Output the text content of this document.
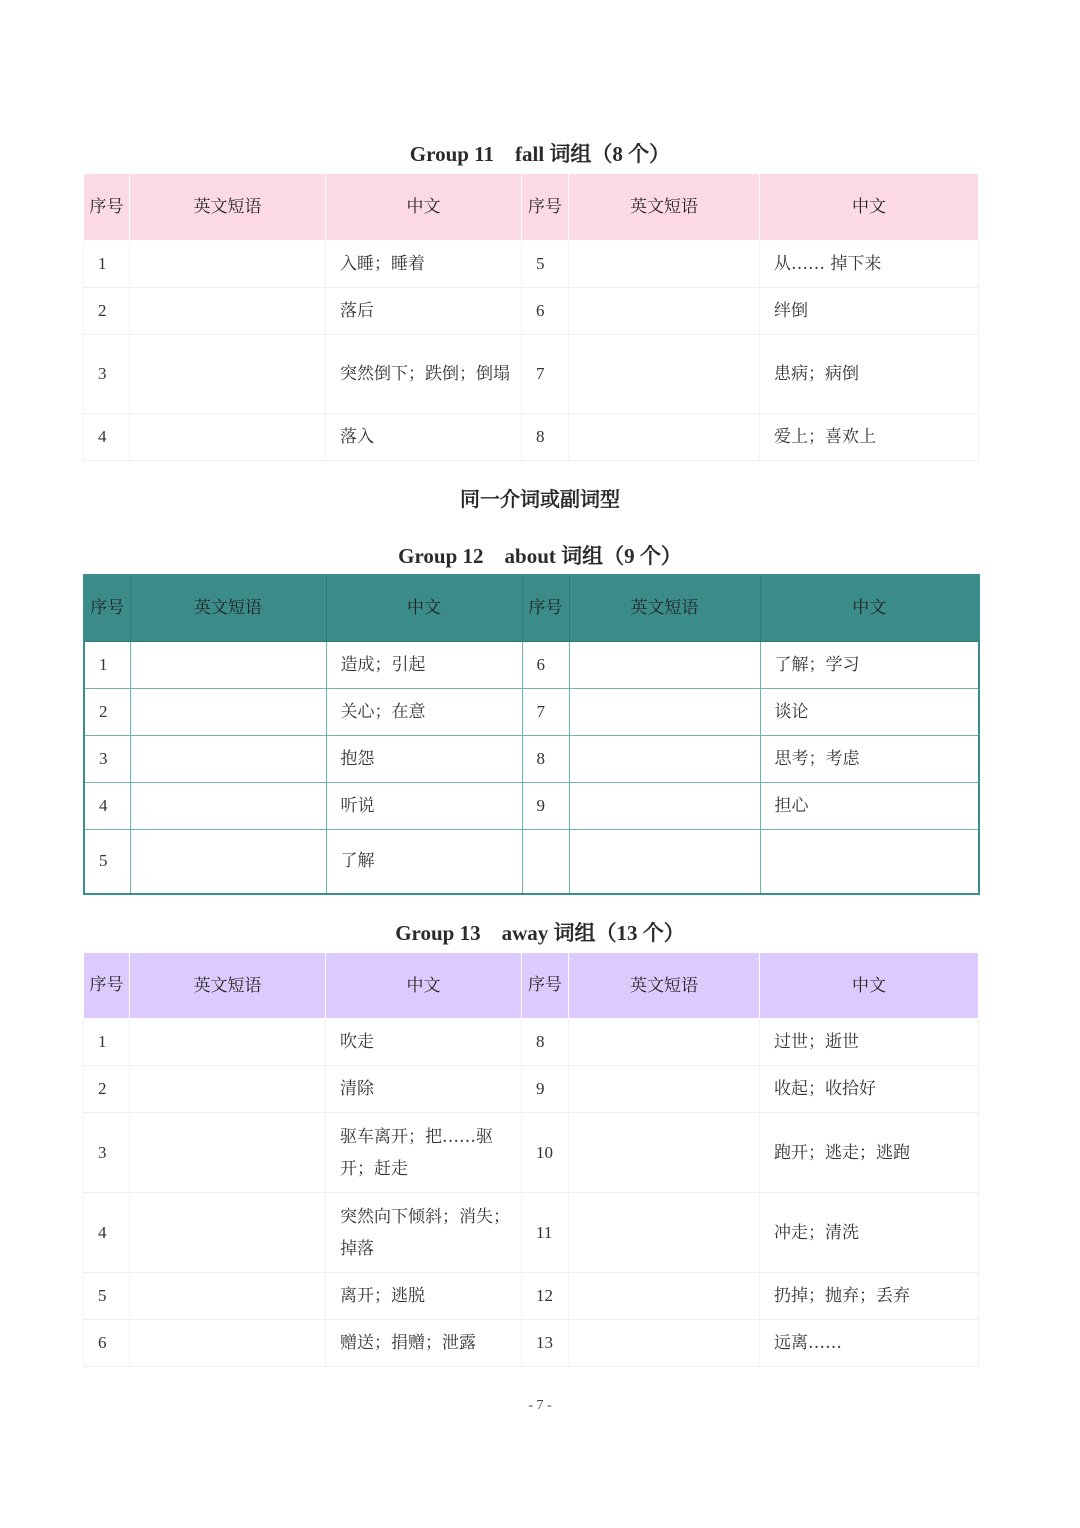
Group 11    fall 词组（8 个）
序号	英文短语	中文	序号	英文短语	中文
1		入睡；睡着	5		从…… 掉下来
2		落后	6		绊倒
3		突然倒下；跌倒；倒塌	7		患病；病倒
4		落入	8		爱上；喜欢上
同一介词或副词型
Group 12    about 词组（9 个）
序号	英文短语	中文	序号	英文短语	中文
1		造成；引起	6		了解；学习
2		关心；在意	7		谈论
3		抱怨	8		思考；考虑
4		听说	9		担心
5		了解			
Group 13    away 词组（13 个）
序号	英文短语	中文	序号	英文短语	中文
1		吹走	8		过世；逝世
2		清除	9		收起；收拾好
3		驱车离开；把……驱开；赶走	10		跑开；逃走；逃跑
4		突然向下倾斜；消失；掉落	11		冲走；清洗
5		离开；逃脱	12		扔掉；抛弃；丢弃
6		赠送；捐赠；泄露	13		远离……
- 7 -
